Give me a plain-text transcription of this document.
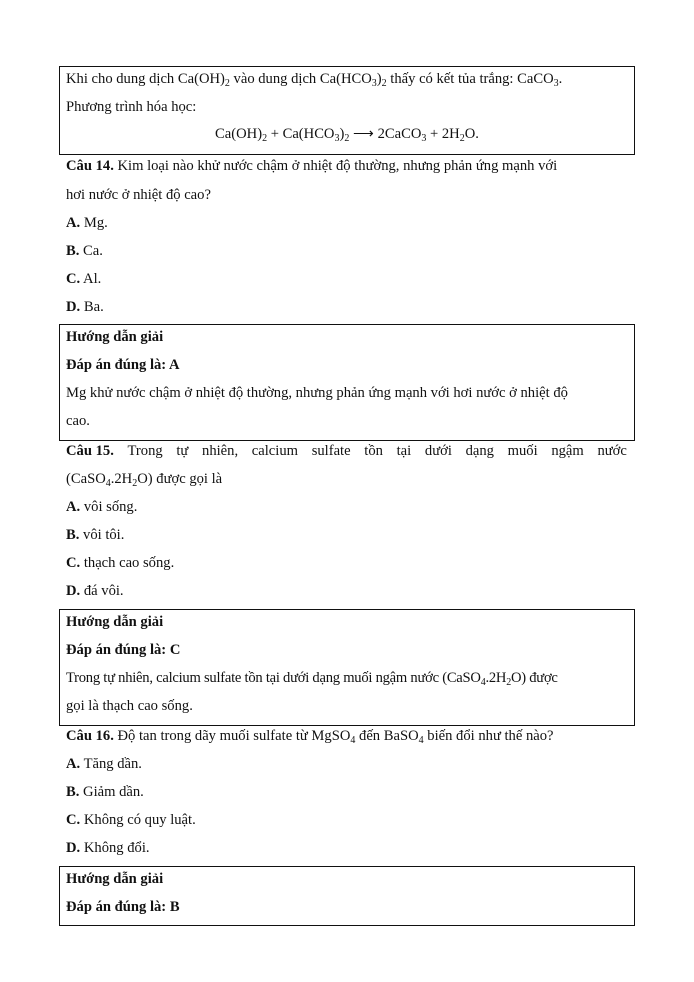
Khi cho dung dịch $Ca(OH)_2$ vào dung dịch $Ca(HCO_3)_2$ thấy có kết tủa trắng: CaCO$_3$.
Phương trình hóa học:
$Ca(OH)_2 + Ca(HCO_3)_2$ ⟶ 2CaCO$_3$ + $2H_2O$.
Câu 14. Kim loại nào khử nước chậm ở nhiệt độ thường, nhưng phản ứng mạnh với
hơi nước ở nhiệt độ cao?
A. Mg.
B. Ca.
C. Al.
D. Ba.
Hướng dẫn giải
Đáp án đúng là: A
Mg khử nước chậm ở nhiệt độ thường, nhưng phản ứng mạnh với hơi nước ở nhiệt độ
cao.
Câu 15. Trong tự nhiên, calcium sulfate tồn tại dưới dạng muối ngậm nước
$(CaSO_4.2H_2O)$ được gọi là
A. vôi sống.
B. vôi tôi.
C. thạch cao sống.
D. đá vôi.
Hướng dẫn giải
Đáp án đúng là: C
Trong tự nhiên, calcium sulfate tồn tại dưới dạng muối ngậm nước $(CaSO_4.2H_2O)$ được
gọi là thạch cao sống.
Câu 16. Độ tan trong dãy muối sulfate từ MgSO$_4$ đến BaSO$_4$ biến đổi như thế nào?
A. Tăng dần.
B. Giảm dần.
C. Không có quy luật.
D. Không đổi.
Hướng dẫn giải
Đáp án đúng là: B
